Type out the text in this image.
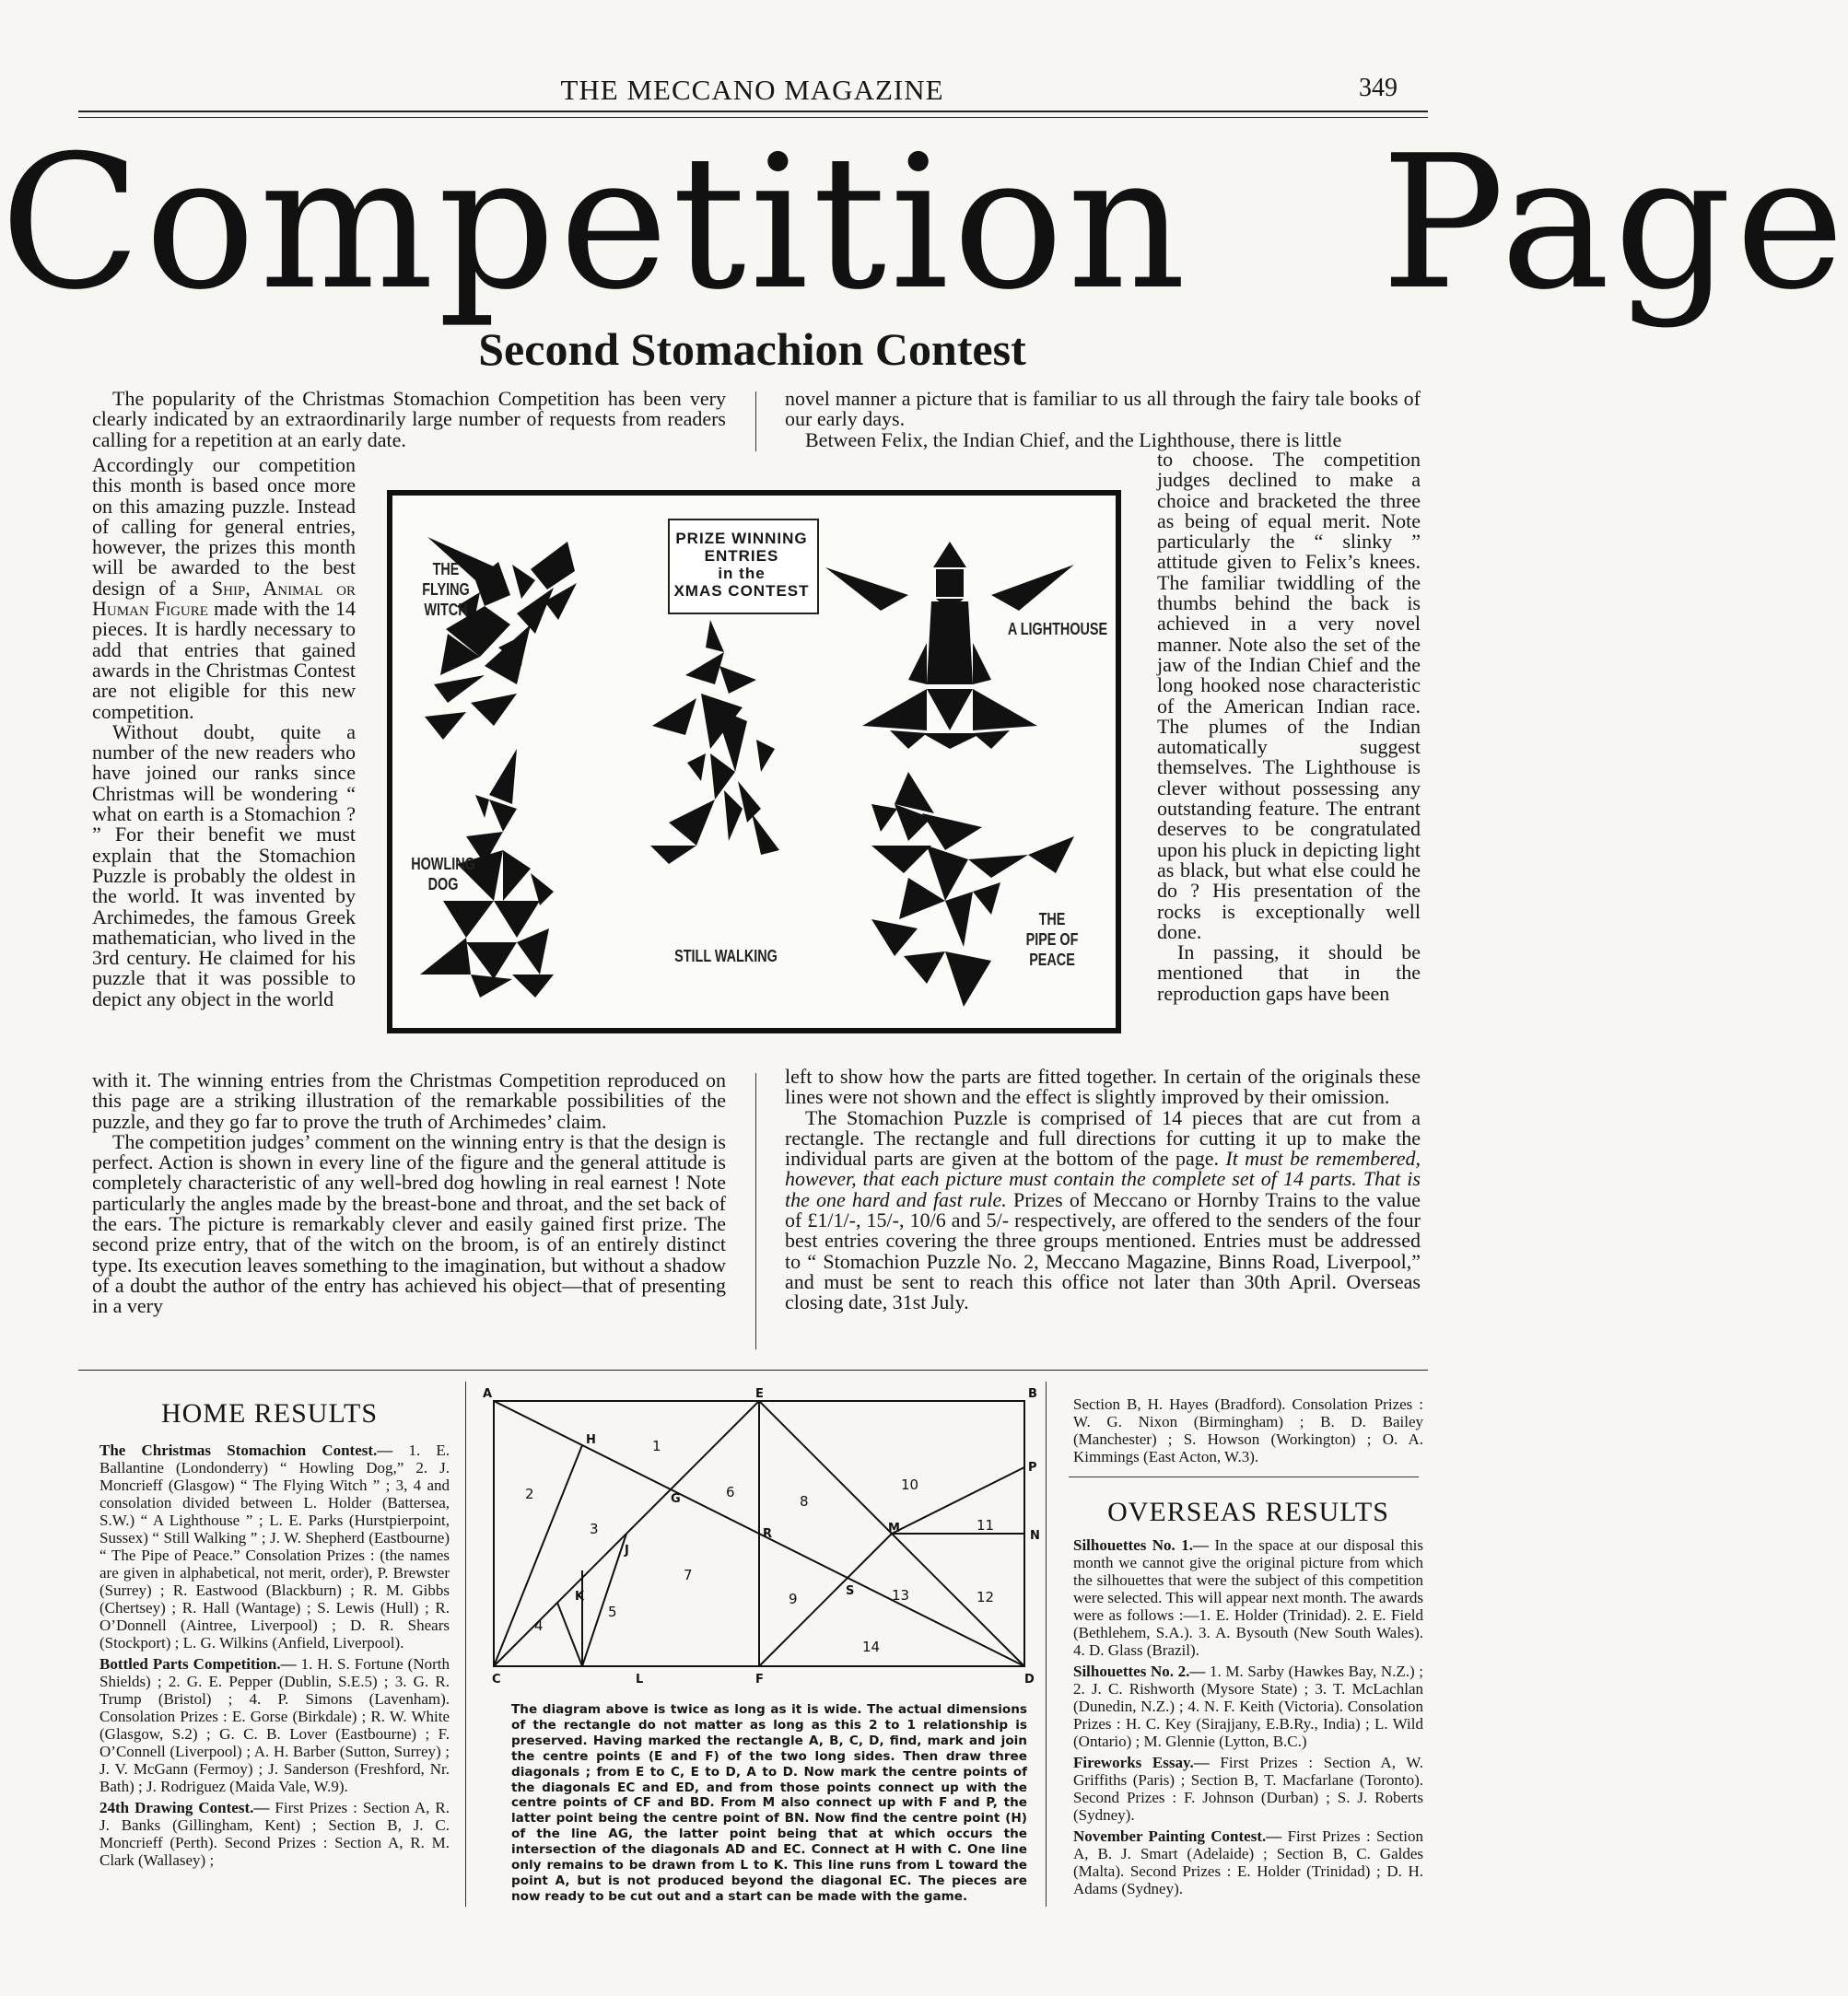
THE MECCANO MAGAZINE	349
Competition Page
Second Stomachion Contest

The popularity of the Christmas Stomachion Competition has been very clearly indicated by an extraordinarily large number of requests from readers calling for a repetition at an early date.

Accordingly our competition this month is based once more on this amazing puzzle. Instead of calling for general entries, however, the prizes this month will be awarded to the best design of a Ship, Animal or Human Figure made with the 14 pieces. It is hardly necessary to add that entries that gained awards in the Christmas Contest are not eligible for this new competition.

Without doubt, quite a number of the new readers who have joined our ranks since Christmas will be wondering “ what on earth is a Stomachion ? ” For their benefit we must explain that the Stomachion Puzzle is probably the oldest in the world. It was invented by Archimedes, the famous Greek mathematician, who lived in the 3rd century. He claimed for his puzzle that it was possible to depict any object in the world

with it. The winning entries from the Christmas Competition reproduced on this page are a striking illustration of the remarkable possibilities of the puzzle, and they go far to prove the truth of Archimedes’ claim.

The competition judges’ comment on the winning entry is that the design is perfect. Action is shown in every line of the figure and the general attitude is completely characteristic of any well-bred dog howling in real earnest ! Note particularly the angles made by the breast-bone and throat, and the set back of the ears. The picture is remarkably clever and easily gained first prize. The second prize entry, that of the witch on the broom, is of an entirely distinct type. Its execution leaves something to the imagination, but without a shadow of a doubt the author of the entry has achieved his object—that of presenting in a very

novel manner a picture that is familiar to us all through the fairy tale books of our early days.

Between Felix, the Indian Chief, and the Lighthouse, there is little

to choose. The competition judges declined to make a choice and bracketed the three as being of equal merit. Note particularly the “ slinky ” attitude given to Felix’s knees. The familiar twiddling of the thumbs behind the back is achieved in a very novel manner. Note also the set of the jaw of the Indian Chief and the long hooked nose characteristic of the American Indian race. The plumes of the Indian automatically suggest themselves. The Lighthouse is clever without possessing any outstanding feature. The entrant deserves to be congratulated upon his pluck in depicting light as black, but what else could he do ? His presentation of the rocks is exceptionally well done.

In passing, it should be mentioned that in the reproduction gaps have been

left to show how the parts are fitted together. In certain of the originals these lines were not shown and the effect is slightly improved by their omission.

The Stomachion Puzzle is comprised of 14 pieces that are cut from a rectangle. The rectangle and full directions for cutting it up to make the individual parts are given at the bottom of the page. It must be remembered, however, that each picture must contain the complete set of 14 parts. That is the one hard and fast rule. Prizes of Meccano or Hornby Trains to the value of £1/1/-, 15/-, 10/6 and 5/- respectively, are offered to the senders of the four best entries covering the three groups mentioned. Entries must be addressed to “ Stomachion Puzzle No. 2, Meccano Magazine, Binns Road, Liverpool,” and must be sent to reach this office not later than 30th April. Overseas closing date, 31st July.

PRIZE WINNING
ENTRIES
in the
XMAS CONTEST
THE
FLYING WITCH
A LIGHTHOUSE
HOWLING DOG
STILL WALKING
THE
PIPE OF PEACE
HOME RESULTS

The Christmas Stomachion Contest.— 1. E. Ballantine (Londonderry) “ Howling Dog,” 2. J. Moncrieff (Glasgow) “ The Flying Witch ” ; 3, 4 and consolation divided between L. Holder (Battersea, S.W.) “ A Lighthouse ” ; L. E. Parks (Hurstpierpoint, Sussex) “ Still Walking ” ; J. W. Shepherd (Eastbourne) “ The Pipe of Peace.” Consolation Prizes : (the names are given in alphabetical, not merit, order), P. Brewster (Surrey) ; R. Eastwood (Blackburn) ; R. M. Gibbs (Chertsey) ; R. Hall (Wantage) ; S. Lewis (Hull) ; R. O’Donnell (Aintree, Liverpool) ; D. R. Shears (Stockport) ; L. G. Wilkins (Anfield, Liverpool).

Bottled Parts Competition.— 1. H. S. Fortune (North Shields) ; 2. G. E. Pepper (Dublin, S.E.5) ; 3. G. R. Trump (Bristol) ; 4. P. Simons (Lavenham). Consolation Prizes : E. Gorse (Birkdale) ; R. W. White (Glasgow, S.2) ; G. C. B. Lover (Eastbourne) ; F. O’Connell (Liverpool) ; A. H. Barber (Sutton, Surrey) ; J. V. McGann (Fermoy) ; J. Sanderson (Freshford, Nr. Bath) ; J. Rodriguez (Maida Vale, W.9).

24th Drawing Contest.— First Prizes : Section A, R. J. Banks (Gillingham, Kent) ; Section B, J. C. Moncrieff (Perth). Second Prizes : Section A, R. M. Clark (Wallasey) ;

A	E	B
H
G
P
J
R	M
N
K	S
C	L	F	D
1
2
3
4
5
6
7
8
9
10
11
12
13
14
The diagram above is twice as long as it is wide. The actual dimensions of the rectangle do not matter as long as this 2 to 1 relationship is preserved. Having marked the rectangle A, B, C, D, find, mark and join the centre points (E and F) of the two long sides. Then draw three diagonals ; from E to C, E to D, A to D. Now mark the centre points of the diagonals EC and ED, and from those points connect up with the centre points of CF and BD. From M also connect up with F and P, the latter point being the centre point of BN. Now find the centre point (H) of the line AG, the latter point being that at which occurs the intersection of the diagonals AD and EC. Connect at H with C. One line only remains to be drawn from L to K. This line runs from L toward the point A, but is not produced beyond the diagonal EC. The pieces are now ready to be cut out and a start can be made with the game.
Section B, H. Hayes (Bradford). Consolation Prizes : W. G. Nixon (Birmingham) ; B. D. Bailey (Manchester) ; S. Howson (Workington) ; O. A. Kimmings (East Acton, W.3).
OVERSEAS RESULTS

Silhouettes No. 1.— In the space at our disposal this month we cannot give the original picture from which the silhouettes that were the subject of this competition were selected. This will appear next month. The awards were as follows :—1. E. Holder (Trinidad). 2. E. Field (Bethlehem, S.A.). 3. A. Bysouth (New South Wales). 4. D. Glass (Brazil).

Silhouettes No. 2.— 1. M. Sarby (Hawkes Bay, N.Z.) ; 2. J. C. Rishworth (Mysore State) ; 3. T. McLachlan (Dunedin, N.Z.) ; 4. N. F. Keith (Victoria). Consolation Prizes : H. C. Key (Sirajjany, E.B.Ry., India) ; L. Wild (Ontario) ; M. Glennie (Lytton, B.C.)

Fireworks Essay.— First Prizes : Section A, W. Griffiths (Paris) ; Section B, T. Macfarlane (Toronto). Second Prizes : F. Johnson (Durban) ; S. J. Roberts (Sydney).

November Painting Contest.— First Prizes : Section A, B. J. Smart (Adelaide) ; Section B, C. Galdes (Malta). Second Prizes : E. Holder (Trinidad) ; D. H. Adams (Sydney).
